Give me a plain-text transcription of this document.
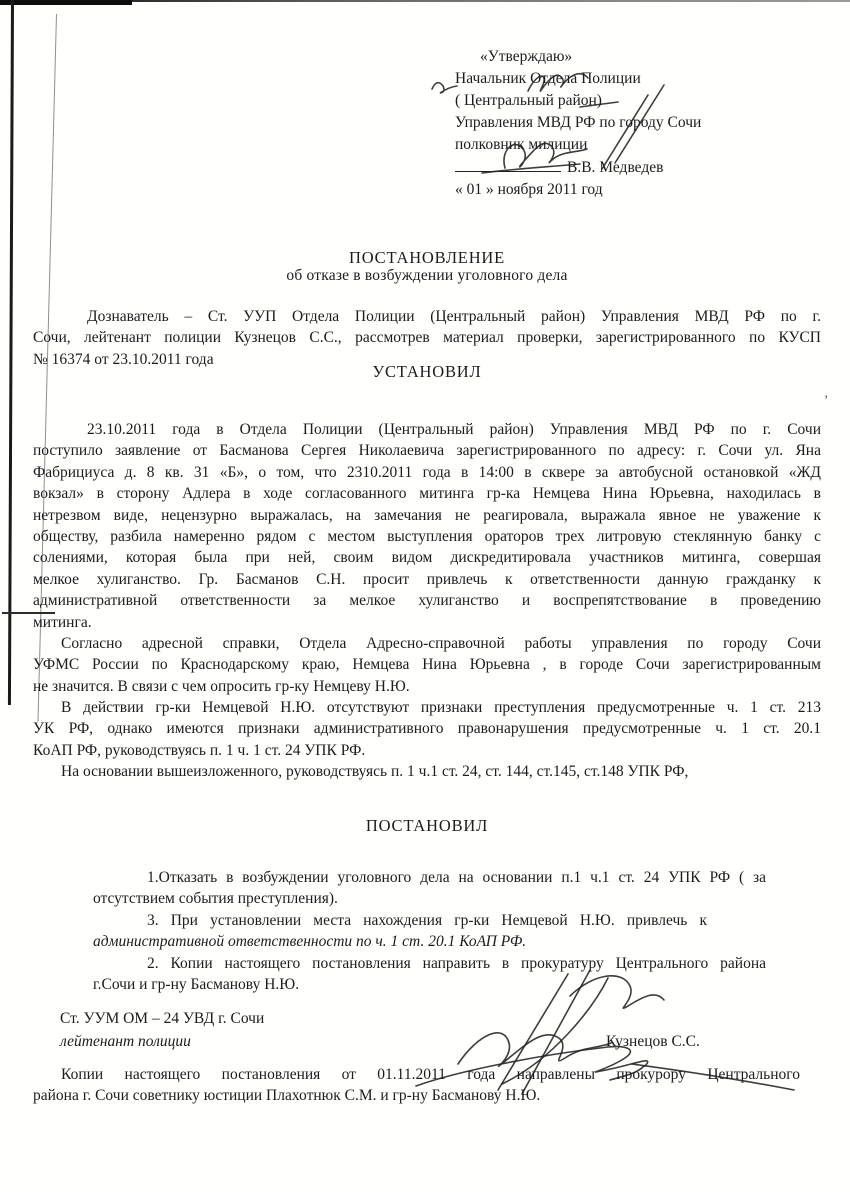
’
«Утверждаю»
Начальник Отдела Полиции
( Центральный район)
Управления МВД РФ по городу Сочи
полковник милиции
В.В. Медведев
« 01 » ноября 2011 год
ПОСТАНОВЛЕНИЕ
об отказе в возбуждении уголовного дела
Дознаватель – Ст. УУП Отдела Полиции (Центральный район) Управления МВД РФ по г.
Сочи, лейтенант полиции Кузнецов С.С., рассмотрев материал проверки, зарегистрированного по КУСП
№ 16374 от 23.10.2011 года
УСТАНОВИЛ
23.10.2011 года в Отдела Полиции (Центральный район) Управления МВД РФ по г. Сочи
поступило заявление от Басманова Сергея Николаевича зарегистрированного по адресу: г. Сочи ул. Яна
Фабрициуса д. 8 кв. 31 «Б», о том, что 2310.2011 года в 14:00 в сквере за автобусной остановкой «ЖД
вокзал» в сторону Адлера в ходе согласованного митинга гр-ка Немцева Нина Юрьевна, находилась в
нетрезвом виде, нецензурно выражалась, на замечания не реагировала, выражала явное не уважение к
обществу, разбила намеренно рядом с местом выступления ораторов трех литровую стеклянную банку с
солениями, которая была при ней, своим видом дискредитировала участников митинга, совершая
мелкое хулиганство. Гр. Басманов С.Н. просит привлечь к ответственности данную гражданку к
административной ответственности за мелкое хулиганство и воспрепятствование в проведению
митинга.
Согласно адресной справки, Отдела Адресно-справочной работы управления по городу Сочи
УФМС России по Краснодарскому краю, Немцева Нина Юрьевна , в городе Сочи зарегистрированным
не значится. В связи с чем опросить гр-ку Немцеву Н.Ю.
В действии гр-ки Немцевой Н.Ю. отсутствуют признаки преступления предусмотренные ч. 1 ст. 213
УК РФ, однако имеются признаки административного правонарушения предусмотренные ч. 1 ст. 20.1
КоАП РФ, руководствуясь п. 1 ч. 1 ст. 24 УПК РФ.
На основании вышеизложенного, руководствуясь п. 1 ч.1 ст. 24, ст. 144, ст.145, ст.148 УПК РФ,
ПОСТАНОВИЛ
1.Отказать в возбуждении уголовного дела на основании п.1 ч.1 ст. 24 УПК РФ ( за
отсутствием события преступления).
3. При установлении места нахождения гр-ки Немцевой Н.Ю. привлечь к
административной ответственности по ч. 1 ст. 20.1 КоАП РФ.
2. Копии настоящего постановления направить в прокуратуру Центрального района
г.Сочи и гр-ну Басманову Н.Ю.
Ст. УУМ ОМ – 24 УВД г. Сочи
лейтенант полиции	Кузнецов С.С.
Копии настоящего постановления от 01.11.2011 года направлены прокурору Центрального
района г. Сочи советнику юстиции Плахотнюк С.М. и гр-ну Басманову Н.Ю.
